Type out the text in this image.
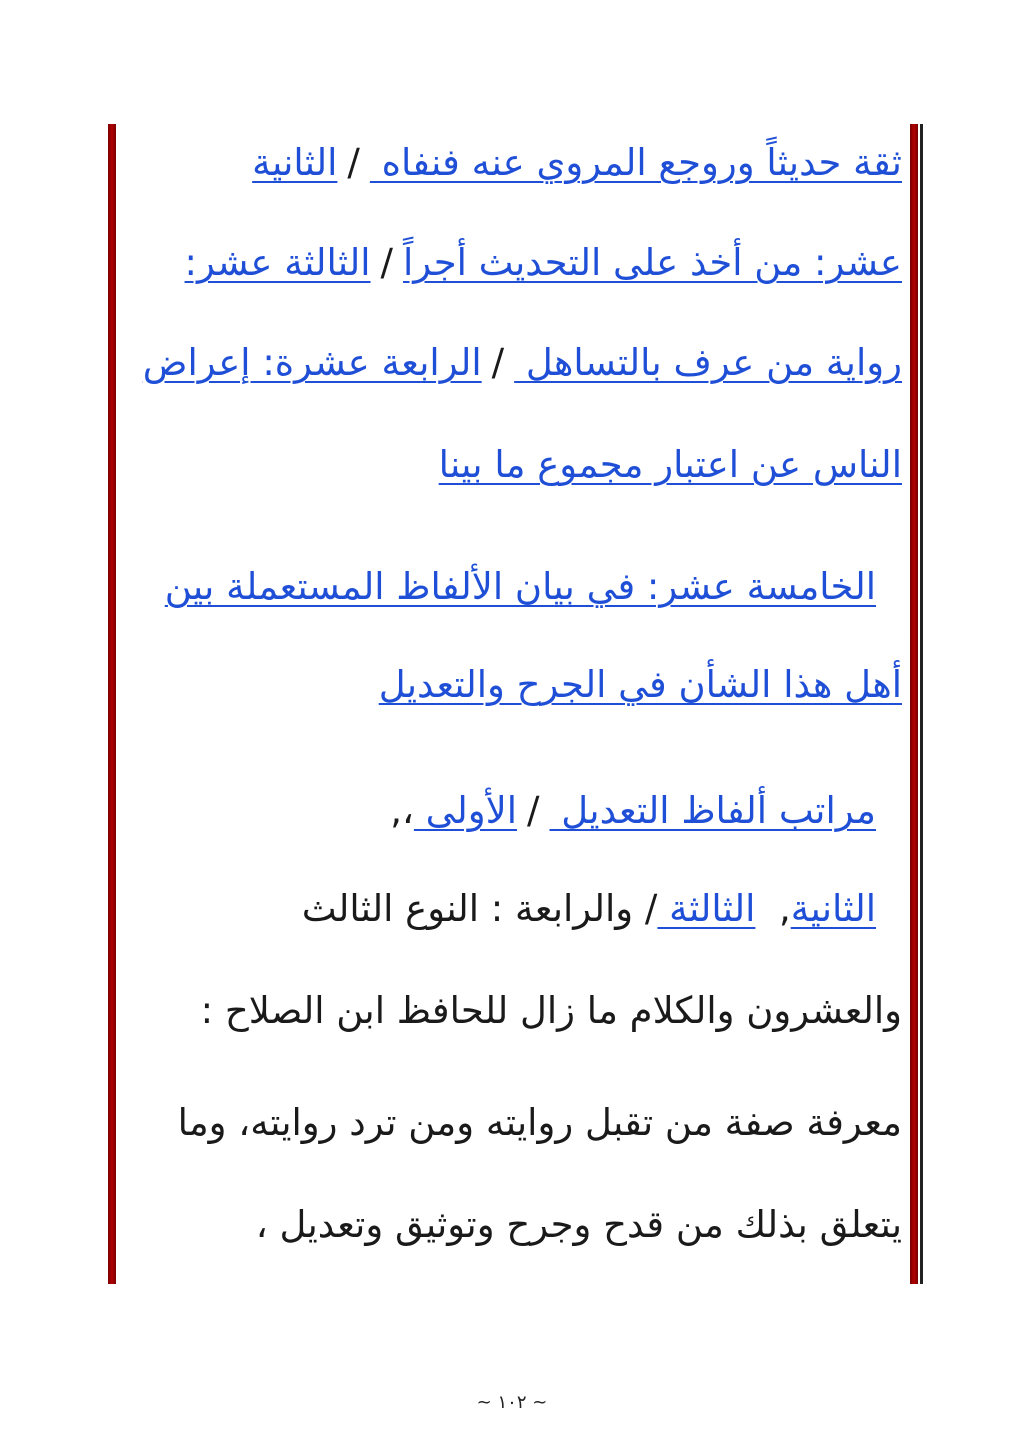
ثقة حديثاً وروجع المروي عنه فنفاه /الثانية
عشر: من أخذ على التحديث أجراً/الثالثة عشر:
رواية من عرف بالتساهل /الرابعة عشرة: إعراض
الناس عن اعتبار مجموع ما بينا
الخامسة عشر: في بيان الألفاظ المستعملة بين
أهل هذا الشأن في الجرح والتعديل
مراتب ألفاظ التعديل /الأولى ،,
الثانية,  الثالثة / والرابعة : النوع الثالث
والعشرون والكلام ما زال للحافظ ابن الصلاح :
معرفة صفة من تقبل روايته ومن ترد روايته، وما
يتعلق بذلك من قدح وجرح وتوثيق وتعديل ،
~ ١٠٢ ~
